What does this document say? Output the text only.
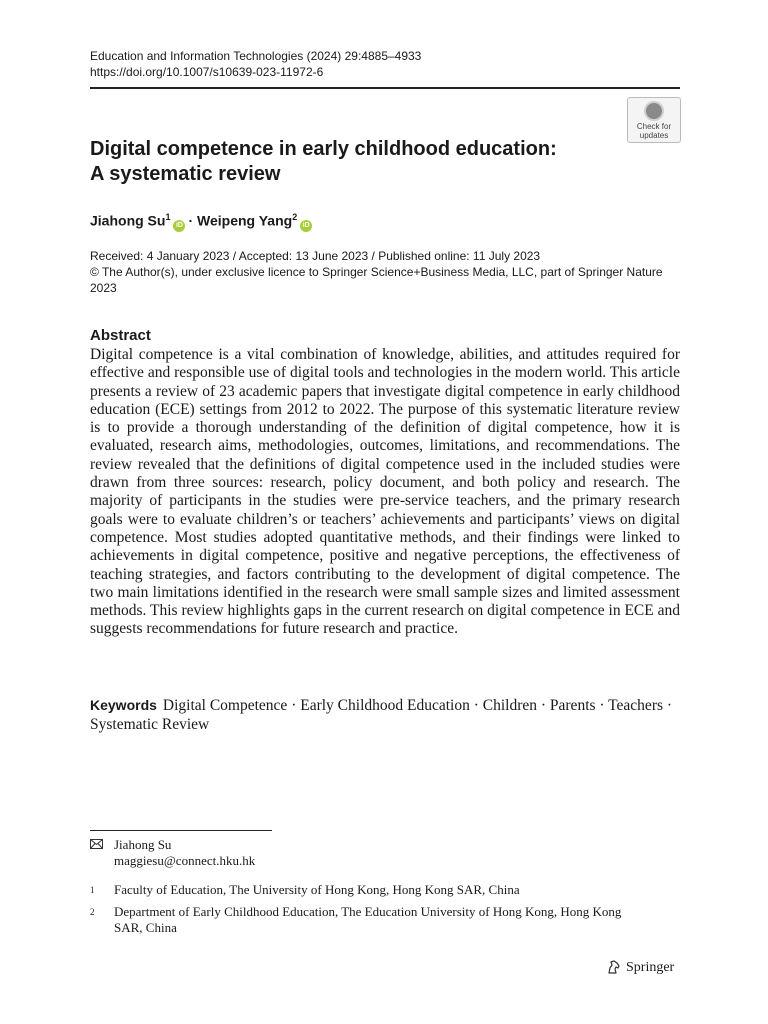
Education and Information Technologies (2024) 29:4885–4933
https://doi.org/10.1007/s10639-023-11972-6
Check for
updates
Digital competence in early childhood education:
A systematic review
Jiahong $Su^1iD$ · Weipeng Yang$^2$iD
Received: 4 January 2023 / Accepted: 13 June 2023 / Published online: 11 July 2023
© The Author(s), under exclusive licence to Springer Science+Business Media, LLC, part of Springer Nature 2023
Abstract

Digital competence is a vital combination of knowledge, abilities, and attitudes required for effective and responsible use of digital tools and technologies in the modern world. This article presents a review of 23 academic papers that investigate digital competence in early childhood education (ECE) settings from 2012 to 2022. The purpose of this systematic literature review is to provide a thorough understanding of the definition of digital competence, how it is evaluated, research aims, methodologies, outcomes, limitations, and recommendations. The review revealed that the definitions of digital competence used in the included studies were drawn from three sources: research, policy document, and both policy and research. The majority of participants in the studies were pre-service teachers, and the primary research goals were to evaluate children’s or teachers’ achievements and participants’ views on digital competence. Most studies adopted quantitative methods, and their findings were linked to achievements in digital competence, positive and negative perceptions, the effectiveness of teaching strategies, and factors contributing to the development of digital competence. The two main limitations identified in the research were small sample sizes and limited assessment methods. This review highlights gaps in the current research on digital competence in ECE and suggests recommendations for future research and practice.

Keywords Digital Competence · Early Childhood Education · Children · Parents · Teachers · Systematic Review
Jiahong Su
maggiesu@connect.hku.hk
1 Faculty of Education, The University of Hong Kong, Hong Kong SAR, China
2 Department of Early Childhood Education, The Education University of Hong Kong, Hong Kong SAR, China
Springer
